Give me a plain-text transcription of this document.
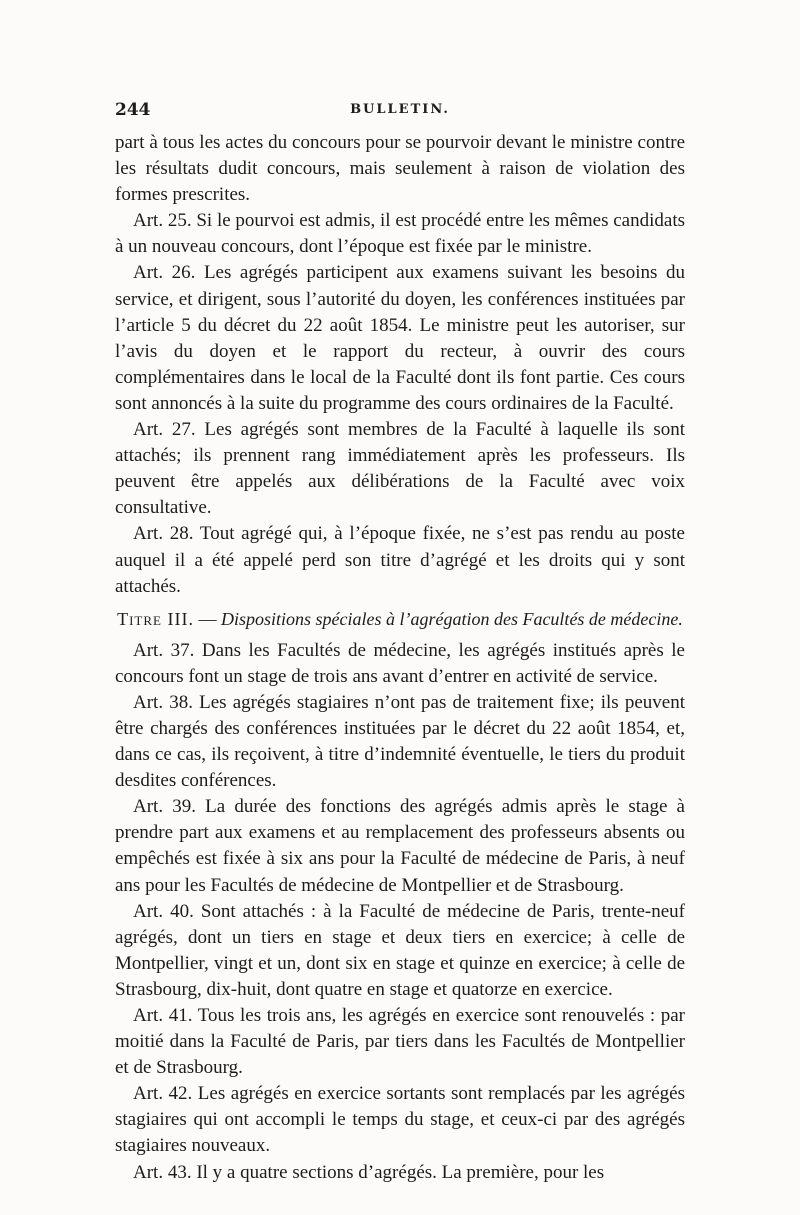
244	BULLETIN.

part à tous les actes du concours pour se pourvoir devant le ministre contre les résultats dudit concours, mais seulement à raison de violation des formes prescrites.

Art. 25. Si le pourvoi est admis, il est procédé entre les mêmes candidats à un nouveau concours, dont l’époque est fixée par le ministre.

Art. 26. Les agrégés participent aux examens suivant les besoins du service, et dirigent, sous l’autorité du doyen, les conférences instituées par l’article 5 du décret du 22 août 1854. Le ministre peut les autoriser, sur l’avis du doyen et le rapport du recteur, à ouvrir des cours complémentaires dans le local de la Faculté dont ils font partie. Ces cours sont annoncés à la suite du programme des cours ordinaires de la Faculté.

Art. 27. Les agrégés sont membres de la Faculté à laquelle ils sont attachés; ils prennent rang immédiatement après les professeurs. Ils peuvent être appelés aux délibérations de la Faculté avec voix consultative.

Art. 28. Tout agrégé qui, à l’époque fixée, ne s’est pas rendu au poste auquel il a été appelé perd son titre d’agrégé et les droits qui y sont attachés.

Titre III. — Dispositions spéciales à l’agrégation des Facultés de médecine.

Art. 37. Dans les Facultés de médecine, les agrégés institués après le concours font un stage de trois ans avant d’entrer en activité de service.

Art. 38. Les agrégés stagiaires n’ont pas de traitement fixe; ils peuvent être chargés des conférences instituées par le décret du 22 août 1854, et, dans ce cas, ils reçoivent, à titre d’indemnité éventuelle, le tiers du produit desdites conférences.

Art. 39. La durée des fonctions des agrégés admis après le stage à prendre part aux examens et au remplacement des professeurs absents ou empêchés est fixée à six ans pour la Faculté de médecine de Paris, à neuf ans pour les Facultés de médecine de Montpellier et de Strasbourg.

Art. 40. Sont attachés : à la Faculté de médecine de Paris, trente-neuf agrégés, dont un tiers en stage et deux tiers en exercice; à celle de Montpellier, vingt et un, dont six en stage et quinze en exercice; à celle de Strasbourg, dix-huit, dont quatre en stage et quatorze en exercice.

Art. 41. Tous les trois ans, les agrégés en exercice sont renouvelés : par moitié dans la Faculté de Paris, par tiers dans les Facultés de Montpellier et de Strasbourg.

Art. 42. Les agrégés en exercice sortants sont remplacés par les agrégés stagiaires qui ont accompli le temps du stage, et ceux-ci par des agrégés stagiaires nouveaux.

Art. 43. Il y a quatre sections d’agrégés. La première, pour les
